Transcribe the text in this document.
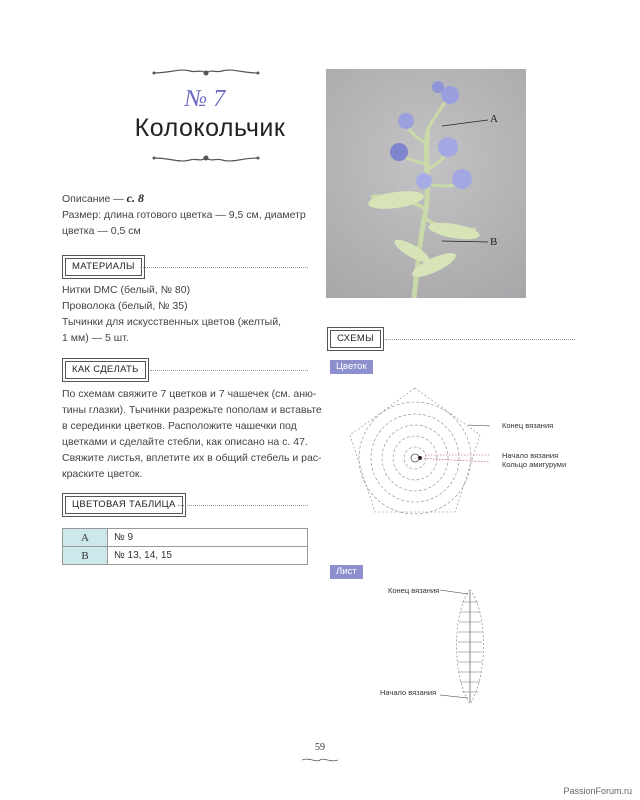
№ 7
Колокольчик
Описание — с. 8
Размер: длина готового цветка — 9,5 см, диаметр
цветка — 0,5 см
МАТЕРИАЛЫ
Нитки DMC (белый, № 80)
Проволока (белый, № 35)
Тычинки для искусственных цветов (желтый,
1 мм) — 5 шт.
КАК СДЕЛАТЬ
По схемам свяжите 7 цветков и 7 чашечек (см. аню-
тины глазки). Тычинки разрежьте пополам и вставьте
в серединки цветков. Расположите чашечки под
цветками и сделайте стебли, как описано на с. 47.
Свяжите листья, вплетите их в общий стебель и рас-
краските цветок.
ЦВЕТОВАЯ ТАБЛИЦА
A	№ 9
B	№ 13, 14, 15
A
B
СХЕМЫ
Цветок
Конец вязания
Начало вязания
Кольцо амигуруми
Лист
Конец вязания
Начало вязания
59
PassionForum.ru
